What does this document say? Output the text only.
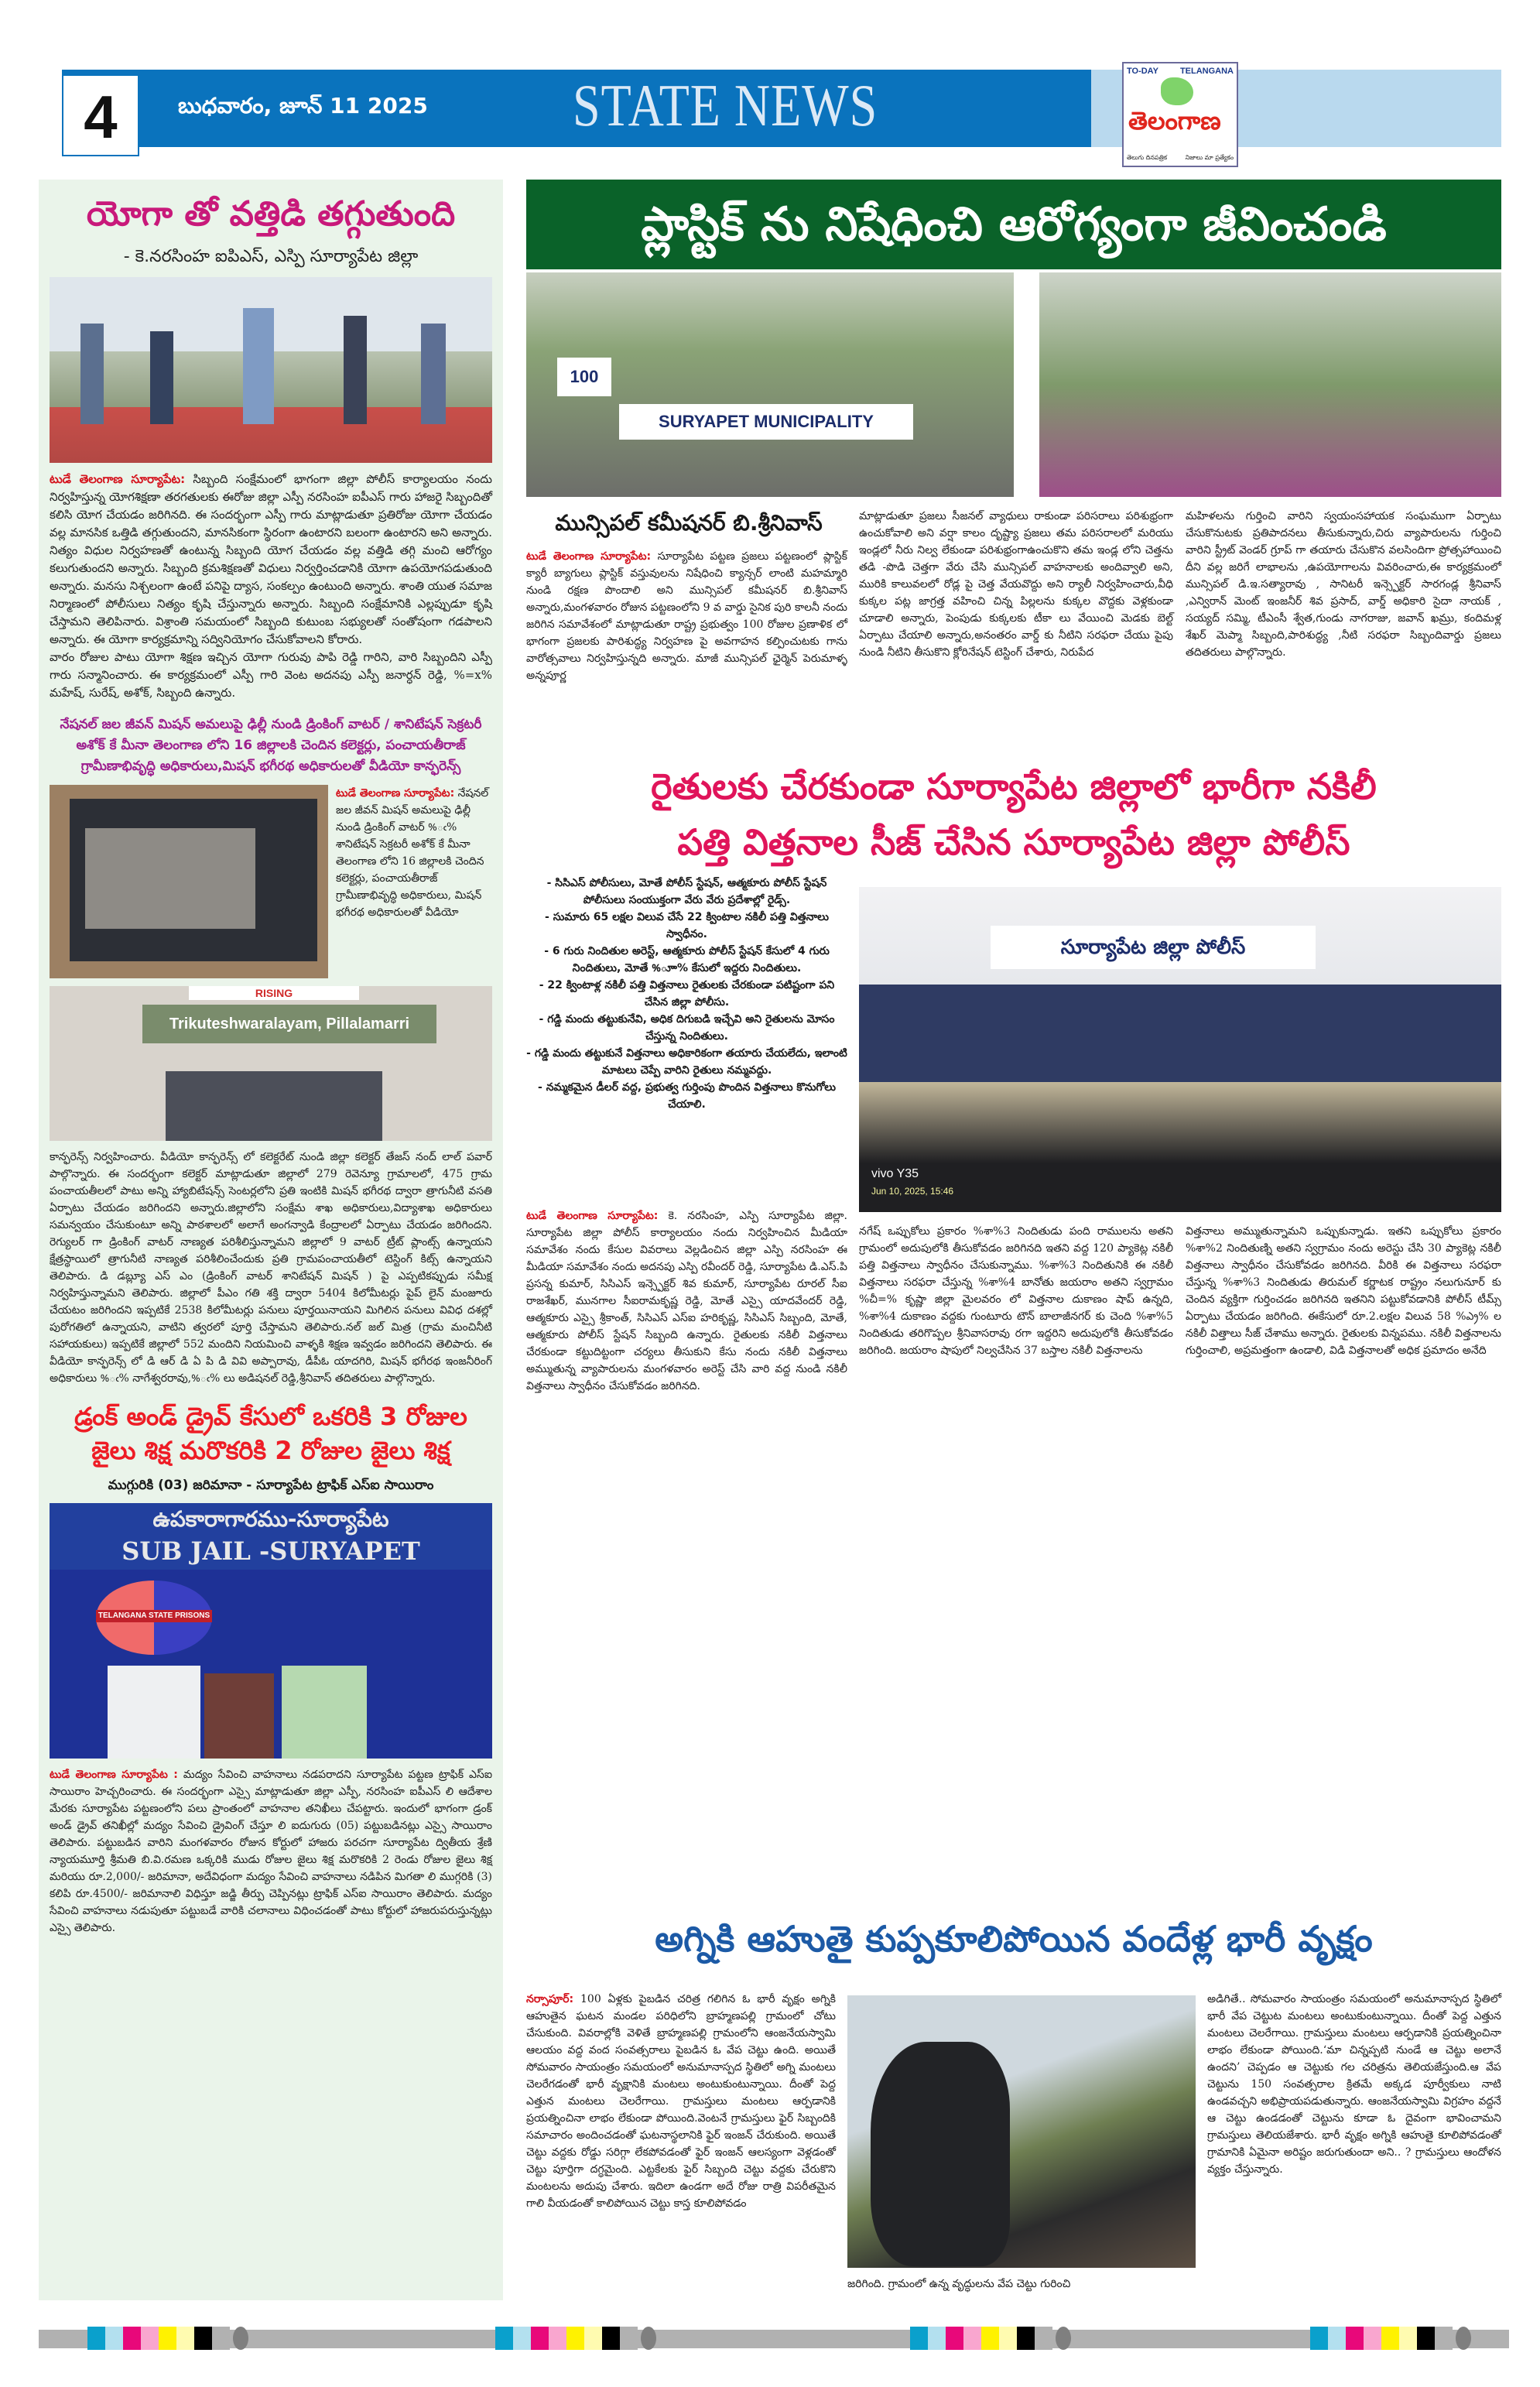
4	బుధవారం, జూన్ 11 2025	STATE NEWS
TO-DAY	TELANGANA
తెలంగాణ
తెలుగు దినపత్రిక	నిజాలు మా ప్రత్యేకం
యోగా తో వత్తిడి తగ్గుతుంది
- కె.నరసింహ ఐపిఎస్, ఎస్పి సూర్యాపేట జిల్లా
టుడే తెలంగాణ సూర్యాపేట: సిబ్బంది సంక్షేమంలో భాగంగా జిల్లా పోలీస్ కార్యాలయం నందు నిర్వహిస్తున్న యోగశిక్షణా తరగతులకు ఈరోజు జిల్లా ఎస్పీ నరసింహ ఐపీఎస్ గారు హాజరై సిబ్బందితో కలిసి యోగ చేయడం జరిగినది. ఈ సందర్భంగా ఎస్పీ గారు మాట్లాడుతూ ప్రతిరోజు యోగా చేయడం వల్ల మానసిక ఒత్తిడి తగ్గుతుందని, మానసికంగా స్థిరంగా ఉంటారని బలంగా ఉంటారని అని అన్నారు. నిత్యం విధుల నిర్వహణతో ఉంటున్న సిబ్బంది యోగ చేయడం వల్ల వత్తిడి తగ్గి మంచి ఆరోగ్యం కలుగుతుందని అన్నారు. సిబ్బంది క్రమశిక్షణతో విధులు నిర్వర్తించడానికి యోగా ఉపయోగపడుతుంది అన్నారు. మనసు నిశ్చలంగా ఉంటే పనిపై ద్యాస, సంకల్పం ఉంటుంది అన్నారు. శాంతి యుత సమాజ నిర్మాణంలో పోలీసులు నిత్యం కృషి చేస్తున్నారు అన్నారు. సిబ్బంది సంక్షేమానికి ఎల్లప్పుడూ కృషి చేస్తామని తెలిపినారు. విశ్రాంతి సమయంలో సిబ్బంది కుటుంబ సభ్యులతో సంతోషంగా గడపాలని అన్నారు. ఈ యోగా కార్యక్రమాన్ని సద్వినియోగం చేసుకోవాలని కోరారు.
వారం రోజుల పాటు యోగా శిక్షణ ఇచ్చిన యోగా గురువు పాపి రెడ్డి గారిని, వారి సిబ్బందిని ఎస్పీ గారు సన్మానించారు. ఈ కార్యక్రమంలో ఎస్పీ గారి వెంట అదనపు ఎస్పీ జనార్ధన్ రెడ్డి, %=x% మహేష్, సురేష్, అశోక్, సిబ్బంది ఉన్నారు.
నేషనల్ జల జీవన్ మిషన్ అమలుపై ఢిల్లీ నుండి డ్రింకింగ్ వాటర్ / శానిటేషన్ సెక్రటరీ అశోక్ కే మీనా తెలంగాణ లోని 16 జిల్లాలకి చెందిన కలెక్టర్లు, పంచాయతీరాజ్ గ్రామీణాభివృద్ధి అధికారులు,మిషన్ భగీరథ అధికారులతో వీడియో కాన్ఫరెన్స్
టుడే తెలంగాణ సూర్యాపేట: నేషనల్ జల జీవన్ మిషన్ అమలుపై ఢిల్లీ నుండి డ్రింకింగ్ వాటర్ %ఁ% శానిటేషన్ సెక్రటరీ అశోక్ కే మీనా తెలంగాణ లోని 16 జిల్లాలకి చెందిన కలెక్టర్లు, పంచాయతీరాజ్ గ్రామీణాభివృద్ధి అధికారులు, మిషన్ భగీరథ అధికారులతో వీడియో
RISING
Trikuteshwaralayam, Pillalamarri
కాన్ఫరెన్స్ నిర్వహించారు. వీడియో కాన్ఫరెన్స్ లో కలెక్టరేట్ నుండి జిల్లా కలెక్టర్ తేజస్ నంద్ లాల్ పవార్ పాల్గొన్నారు. ఈ సందర్భంగా కలెక్టర్ మాట్లాడుతూ జిల్లాలో 279 రెవెన్యూ గ్రామాలలో, 475 గ్రామ పంచాయతీలలో పాటు అన్ని హ్యాబిటేషన్స్ సెంటర్లలోని ప్రతి ఇంటికి మిషన్ భగీరథ ద్వారా త్రాగునీటి వసతి ఏర్పాటు చేయడం జరిగిందని అన్నారు.జిల్లాలోని సంక్షేమ శాఖ అధికారులు,విద్యాశాఖ అధికారులు సమన్వయం చేసుకుంటూ అన్ని పాఠశాలలో అలాగే అంగన్వాడి కేంద్రాలలో ఏర్పాటు చేయడం జరిగిందని. రెగ్యులర్ గా డ్రింకింగ్ వాటర్ నాణ్యత పరిశీలిస్తున్నామని జిల్లాలో 9 వాటర్ ట్రీట్ ప్లాంట్స్ ఉన్నాయని క్షేత్రస్థాయిలో త్రాగునీటి నాణ్యత పరిశీలించేందుకు ప్రతి గ్రామపంచాయతీలో టెస్టింగ్ కిట్స్ ఉన్నాయని తెలిపారు. డి డబ్ల్యూ ఎస్ ఎం (డ్రింకింగ్ వాటర్ శానిటేషన్ మిషన్ ) పై ఎప్పటికప్పుడు సమీక్ష నిర్వహిస్తున్నామని తెలిపారు. జిల్లాలో పీఎం గతి శక్తి ద్వారా 5404 కిలోమీటర్లు పైప్ లైన్ మంజూరు చేయటం జరిగిందని ఇప్పటికే 2538 కిలోమీటర్లు పనులు పూర్తయినాయని మిగిలిన పనులు వివిధ దశల్లో పురోగతిలో ఉన్నాయని, వాటిని త్వరలో పూర్తి చేస్తామని తెలిపారు.నల్ జల్ మిత్ర (గ్రామ మంచినీటి సహాయకులు) ఇప్పటికే జిల్లాలో 552 మందిని నియమించి వాళ్ళకి శిక్షణ ఇవ్వడం జరిగిందని తెలిపారు. ఈ వీడియో కాన్ఫరెన్స్ లో డి ఆర్ డి ఏ పి డి వివి అప్పారావు, డీపీఓ యాదగిరి, మిషన్ భగీరథ ఇంజనీరింగ్ అధికారులు %ఁ% నాగేశ్వరరావు,%ఁ% లు అడిషనల్ రెడ్డి,శ్రీనివాస్ తదితరులు పాల్గొన్నారు.
డ్రంక్ అండ్ డ్రైవ్ కేసులో ఒకరికి 3 రోజుల జైలు శిక్ష మరొకరికి 2 రోజుల జైలు శిక్ష
ముగ్గురికి (03) జరిమానా - సూర్యాపేట ట్రాఫిక్ ఎస్ఐ సాయిరాం
ఉపకారాగారము-సూర్యాపేట
SUB JAIL -SURYAPET
TELANGANA STATE PRISONS
టుడే తెలంగాణ సూర్యాపేట : మద్యం సేవించి వాహనాలు నడపరాదని సూర్యాపేట పట్టణ ట్రాఫిక్ ఎస్ఐ సాయిరాం హెచ్చరించారు. ఈ సందర్భంగా ఎస్సై మాట్లాడుతూ జిల్లా ఎస్పీ, నరసింహ ఐపీఎస్ లి ఆదేశాల మేరకు సూర్యాపేట పట్టణంలోని పలు ప్రాంతంలో వాహనాల తనిఖీలు చేపట్టారు. ఇందులో భాగంగా డ్రంక్ అండ్ డ్రైవ్ తనిఖీల్లో మద్యం సేవించి డ్రైవింగ్ చేస్తూ లి ఐదుగురు (05) పట్టుబడినట్లు ఎస్సై సాయిరాం తెలిపారు. పట్టుబడిన వారిని మంగళవారం రోజున కోర్టులో హాజరు పరచగా సూర్యాపేట ద్వితీయ శ్రేణి న్యాయమూర్తి శ్రీమతి బి.వి.రమణ ఒక్కరికి ముడు రోజుల జైలు శిక్ష మరొకరికి 2 రెండు రోజుల జైలు శిక్ష మరియు రూ.2,000/- జరిమానా, అదేవిధంగా మద్యం సేవించి వాహనాలు నడిపిన మిగతా లి ముగ్గరికి (3) కలిపి రూ.4500/- జరిమానాలి విధిస్తూ జడ్జి తీర్పు చెప్పినట్లు ట్రాఫిక్ ఎస్ఐ సాయిరాం తెలిపారు. మద్యం సేవించి వాహనాలు నడుపుతూ పట్టుబడే వారికి చలానాలు విధించడంతో పాటు కోర్టులో హాజరుపరుస్తున్నట్లు ఎస్సై తెలిపారు.
ప్లాస్టిక్ ను నిషేధించి ఆరోగ్యంగా జీవించండి
SURYAPET MUNICIPALITY
100
మున్సిపల్ కమీషనర్ బి.శ్రీనివాస్
టుడే తెలంగాణ సూర్యాపేట: సూర్యాపేట పట్టణ ప్రజలు పట్టణంలో ప్లాస్టిక్ క్యారీ బ్యాగులు ప్లాస్టిక్ వస్తువులను నిషేధించి క్యాన్సర్ లాంటి మహమ్మారి నుండి రక్షణ పొందాలి అని మున్సిపల్ కమీషనర్ బి.శ్రీనివాస్ అన్నారు,మంగళవారం రోజున పట్టణంలోని 9 వ వార్డు సైనిక పురి కాలనీ నందు జరిగిన సమావేశంలో మాట్లాడుతూ రాష్ట్ర ప్రభుత్వం 100 రోజుల ప్రణాళిక లో భాగంగా ప్రజలకు పారిశుద్ధ్య నిర్వహణ పై అవగాహన కల్పించుటకు గాను వారోత్సవాలు నిర్వహిస్తున్నది అన్నారు. మాజీ మున్సిపల్ ఛైర్మెన్ పెరుమాళ్ళ అన్నపూర్ణ
మాట్లాడుతూ ప్రజలు సీజనల్ వ్యాధులు రాకుండా పరిసరాలు పరిశుభ్రంగా ఉంచుకోవాలి అని వర్షా కాలం దృష్ట్యా ప్రజలు తమ పరిసరాలలో మరియు ఇండ్లలో నీరు నిల్వ లేకుండా పరిశుభ్రంగాఉంచుకొని తమ ఇండ్ల లోని చెత్తను తడి -పొడి చెత్తగా వేరు చేసి మున్సిపల్ వాహనాలకు అందివ్వాలి అని, మురికి కాలువలలో రోడ్ల పై చెత్త వేయవొద్దు అని ర్యాలీ నిర్వహించారు,వీధి కుక్కల పట్ల జాగ్రత్త వహించి చిన్న పిల్లలను కుక్కల వొద్దకు వెళ్లకుండా చూడాలి అన్నారు, పెంపుడు కుక్కలకు టీకా లు వేయించి మెడకు బెల్ట్ ఏర్పాటు చేయాలి అన్నారు,అనంతరం వార్డ్ కు నీటిని సరఫరా చేయు పైపు నుండి నీటిని తీసుకొని క్లోరినేషన్ టెస్టింగ్ చేశారు, నిరుపేద
మహిళలను గుర్తించి వారిని స్వయంసహాయక సంఘముగా ఏర్పాటు చేసుకొనుటకు ప్రతిపాదనలు తీసుకున్నారు,చిరు వ్యాపారులను గుర్తించి వారిని స్ట్రీట్ వెండర్ గ్రూప్ గా తయారు చేసుకొన వలసిందిగా ప్రోత్సహాయించి దీని వల్ల జరిగే లాభాలను ,ఉపయోగాలను వివరించారు,ఈ కార్యక్రమంలో మున్సిపల్ డి.ఇ.సత్యారావు , సానిటరీ ఇన్స్పెక్టర్ సారగండ్ల శ్రీనివాస్ ,ఎన్విరాన్ మెంట్ ఇంజనీర్ శివ ప్రసాద్, వార్డ్ అధికారి సైదా నాయక్ , సయ్యద్ సమ్మి, టీఎంసీ శ్వేత,గుండు నాగరాజు, జవాన్ ఖమ్రు, కందిమళ్ల శేఖర్ మెప్మా సిబ్బంది,పారిశుద్ధ్య ,నీటి సరఫరా సిబ్బందివార్డు ప్రజలు తదితరులు పాల్గొన్నారు.
రైతులకు చేరకుండా సూర్యాపేట జిల్లాలో భారీగా నకిలీ
పత్తి విత్తనాల సీజ్ చేసిన సూర్యాపేట జిల్లా పోలీస్
- సిసిఎస్ పోలీసులు, మోతే పోలీస్ స్టేషన్, ఆత్మకూరు పోలీస్ స్టేషన్ పోలీసులు సంయుక్తంగా వేరు వేరు ప్రదేశాల్లో రైడ్స్.
- సుమారు 65 లక్షల విలువ చేసే 22 క్వింటాల నకిలీ పత్తి విత్తనాలు స్వాధీనం.
- 6 గురు నిందితుల అరెస్ట్, ఆత్మకూరు పోలీస్ స్టేషన్ కేసులో 4 గురు నిందితులు, మోతే %ూా% కేసులో ఇద్దరు నిందితులు.
- 22 క్వింటాళ్ల నకిలీ పత్తి విత్తనాలు రైతులకు చేరకుండా పటిష్టంగా పని చేసిన జిల్లా పోలీసు.
- గడ్డి మందు తట్టుకునేవి, అధిక దిగుబడి ఇచ్చేవి అని రైతులను మోసం చేస్తున్న నిందితులు.
- గడ్డి మందు తట్టుకునే విత్తనాలు అధికారికంగా తయారు చేయలేదు, ఇలాంటి మాటలు చెప్పే వారిని రైతులు నమ్మవద్దు.
- నమ్మకమైన డీలర్ వద్ద, ప్రభుత్వ గుర్తింపు పొందిన విత్తనాలు కొనుగోలు చేయాలి.
సూర్యాపేట జిల్లా పోలీస్
vivo Y35
Jun 10, 2025, 15:46
టుడే తెలంగాణ సూర్యాపేట: కె. నరసింహ, ఎస్పి సూర్యాపేట జిల్లా. సూర్యాపేట జిల్లా పోలీస్ కార్యాలయం నందు నిర్వహించిన మీడియా సమావేశం నందు కేసుల వివరాలు వెల్లడించిన జిల్లా ఎస్పి నరసింహ ఈ మీడియా సమావేశం నందు అదనపు ఎస్పి రవీందర్ రెడ్డి, సూర్యాపేట డి.ఎస్.పి ప్రసన్న కుమార్, సిసిఎస్ ఇన్స్పెక్టర్ శివ కుమార్, సూర్యాపేట రూరల్ సీఐ రాజశేఖర్, మునగాల సీఐరామకృష్ణ రెడ్డి, మోతే ఎస్సై యాదవేందర్ రెడ్డి, ఆత్మకూరు ఎస్సై శ్రీకాంత్, సిసిఎస్ ఎస్ఐ హరికృష్ణ, సిసిఎస్ సిబ్బంది, మోతే, ఆత్మకూరు పోలీస్ స్టేషన్ సిబ్బంది ఉన్నారు. రైతులకు నకిలీ విత్తనాలు చేరకుండా కట్టుదిట్టంగా చర్యలు తీసుకుని కేసు నందు నకిలీ విత్తనాలు అమ్ముతున్న వ్యాపారులను మంగళవారం అరెస్ట్ చేసి వారి వద్ద నుండి నకిలీ విత్తనాలు స్వాధీనం చేసుకోవడం జరిగినది.
నగేష్ ఒప్పుకోలు ప్రకారం %శా%3 నిందితుడు పంది రాములను అతని గ్రామంలో అదుపులోకి తీసుకోవడం జరిగినది ఇతని వద్ద 120 ప్యాకెట్ల నకిలీ పత్తి విత్తనాలు స్వాధీనం చేసుకున్నాము. %శా%3 నిందితునికి ఈ నకిలీ విత్తనాలు సరఫరా చేస్తున్న %శా%4 బానోతు జయరాం అతని స్వగ్రామం %చీ=% కృష్ణా జిల్లా మైలవరం లో విత్తనాల దుకాణం షాప్ ఉన్నది, %శా%4 దుకాణం వద్దకు గుంటూరు టౌన్ బాలాజీనగర్ కు చెంది %శా%5 నిందితుడు తరిగొప్పల శ్రీనివాసరావు రగా ఇద్దరిని అదుపులోకి తీసుకోవడం జరిగింది. జయరాం షాపులో నిల్వచేసిన 37 బస్తాల నకిలీ విత్తనాలను
విత్తనాలు అమ్ముతున్నామని ఒప్పుకున్నాడు. ఇతని ఒప్పుకోలు ప్రకారం %శా%2 నిందితుణ్ని అతని స్వగ్రామం నందు అరెస్టు చేసి 30 ప్యాకెట్ల నకిలీ విత్తనాలు స్వాధీనం చేసుకోవడం జరిగినది. వీరికి ఈ విత్తనాలు సరఫరా చేస్తున్న %శా%3 నిందితుడు తిరుమల్ కర్ణాటక రాష్ట్రం నలుగునూర్ కు చెందిన వ్యక్తిగా గుర్తించడం జరిగినది ఇతనిని పట్టుకోవడానికి పోలీస్ టీమ్స్ ఏర్పాటు చేయడం జరిగింది. ఈకేసులో రూ.2.లక్షల విలువ 58 %ఎ్ర% ల నకిలీ విత్తాలు సీజ్ చేశాము అన్నారు. రైతులకు విన్నపము. నకిలీ విత్తనాలను గుర్తించాలి, అప్రమత్తంగా ఉండాలి, విడి విత్తనాలతో అధిక ప్రమాదం అనేది
అగ్నికి ఆహుతై కుప్పకూలిపోయిన వందేళ్ల భారీ వృక్షం
నర్సాపూర్: 100 ఏళ్లకు పైబడిన చరిత్ర గలిగిన ఓ భారీ వృక్షం అగ్నికి ఆహుతైన ఘటన మండల పరిధిలోని బ్రాహ్మణపల్లి గ్రామంలో చోటు చేసుకుంది. వివరాల్లోకి వెళితే బ్రాహ్మణపల్లి గ్రామంలోని ఆంజనేయస్వామి ఆలయం వద్ద వంద సంవత్సరాలు పైబడిన ఓ వేప చెట్టు ఉంది. అయితే సోమవారం సాయంత్రం సమయంలో అనుమానాస్పద స్థితిలో అగ్ని మంటలు చెలరేగడంతో భారీ వృక్షానికి మంటలు అంటుకుంటున్నాయి. దీంతో పెద్ద ఎత్తున మంటలు చెలరేగాయి. గ్రామస్తులు మంటలు ఆర్పడానికి ప్రయత్నించినా లాభం లేకుండా పోయింది.వెంటనే గ్రామస్తులు ఫైర్ సిబ్బందికి సమాచారం అందించడంతో ఘటనాస్థలానికి ఫైర్ ఇంజన్ చేరుకుంది. అయితే చెట్టు వద్దకు రోడ్డు సరిగ్గా లేకపోవడంతో ఫైర్ ఇంజన్ ఆలస్యంగా వెళ్లడంతో చెట్టు పూర్తిగా దగ్ధమైంది. ఎట్టకేలకు ఫైర్ సిబ్బంది చెట్టు వద్దకు చేరుకొని మంటలను అదుపు చేశారు. ఇదిలా ఉండగా అదే రోజు రాత్రి విపరీతమైన గాలి వీయడంతో కాలిపోయిన చెట్టు కాస్త కూలిపోవడం
జరిగింది. గ్రామంలో ఉన్న వృద్ధులను వేప చెట్టు గురించి
అడిగితే.. సోమవారం సాయంత్రం సమయంలో అనుమానాస్పద స్థితిలో భారీ వేప చెట్టుట మంటలు అంటుకుంటున్నాయి. దీంతో పెద్ద ఎత్తున మంటలు చెలరేగాయి. గ్రామస్తులు మంటలు ఆర్పడానికి ప్రయత్నించినా లాభం లేకుండా పోయింది.‘మా చిన్నప్పటి నుండే ఆ చెట్టు అలానే ఉందని’ చెప్పడం ఆ చెట్టుకు గల చరిత్రను తెలియజేస్తుంది.ఆ వేప చెట్టును 150 సంవత్సరాల క్రితమే అక్కడ పూర్వీకులు నాటి ఉండవచ్చని అభిప్రాయపడుతున్నారు. ఆంజనేయస్వామి విగ్రహం వద్దనే ఆ చెట్టు ఉండడంతో చెట్టును కూడా ఓ దైవంగా భావించామని గ్రామస్తులు తెలియజేశారు. భారీ వృక్షం అగ్నికి ఆహుతై కూలిపోవడంతో గ్రామానికి ఏమైనా అరిష్టం జరుగుతుందా అని.. ? గ్రామస్తులు ఆందోళన వ్యక్తం చేస్తున్నారు.
